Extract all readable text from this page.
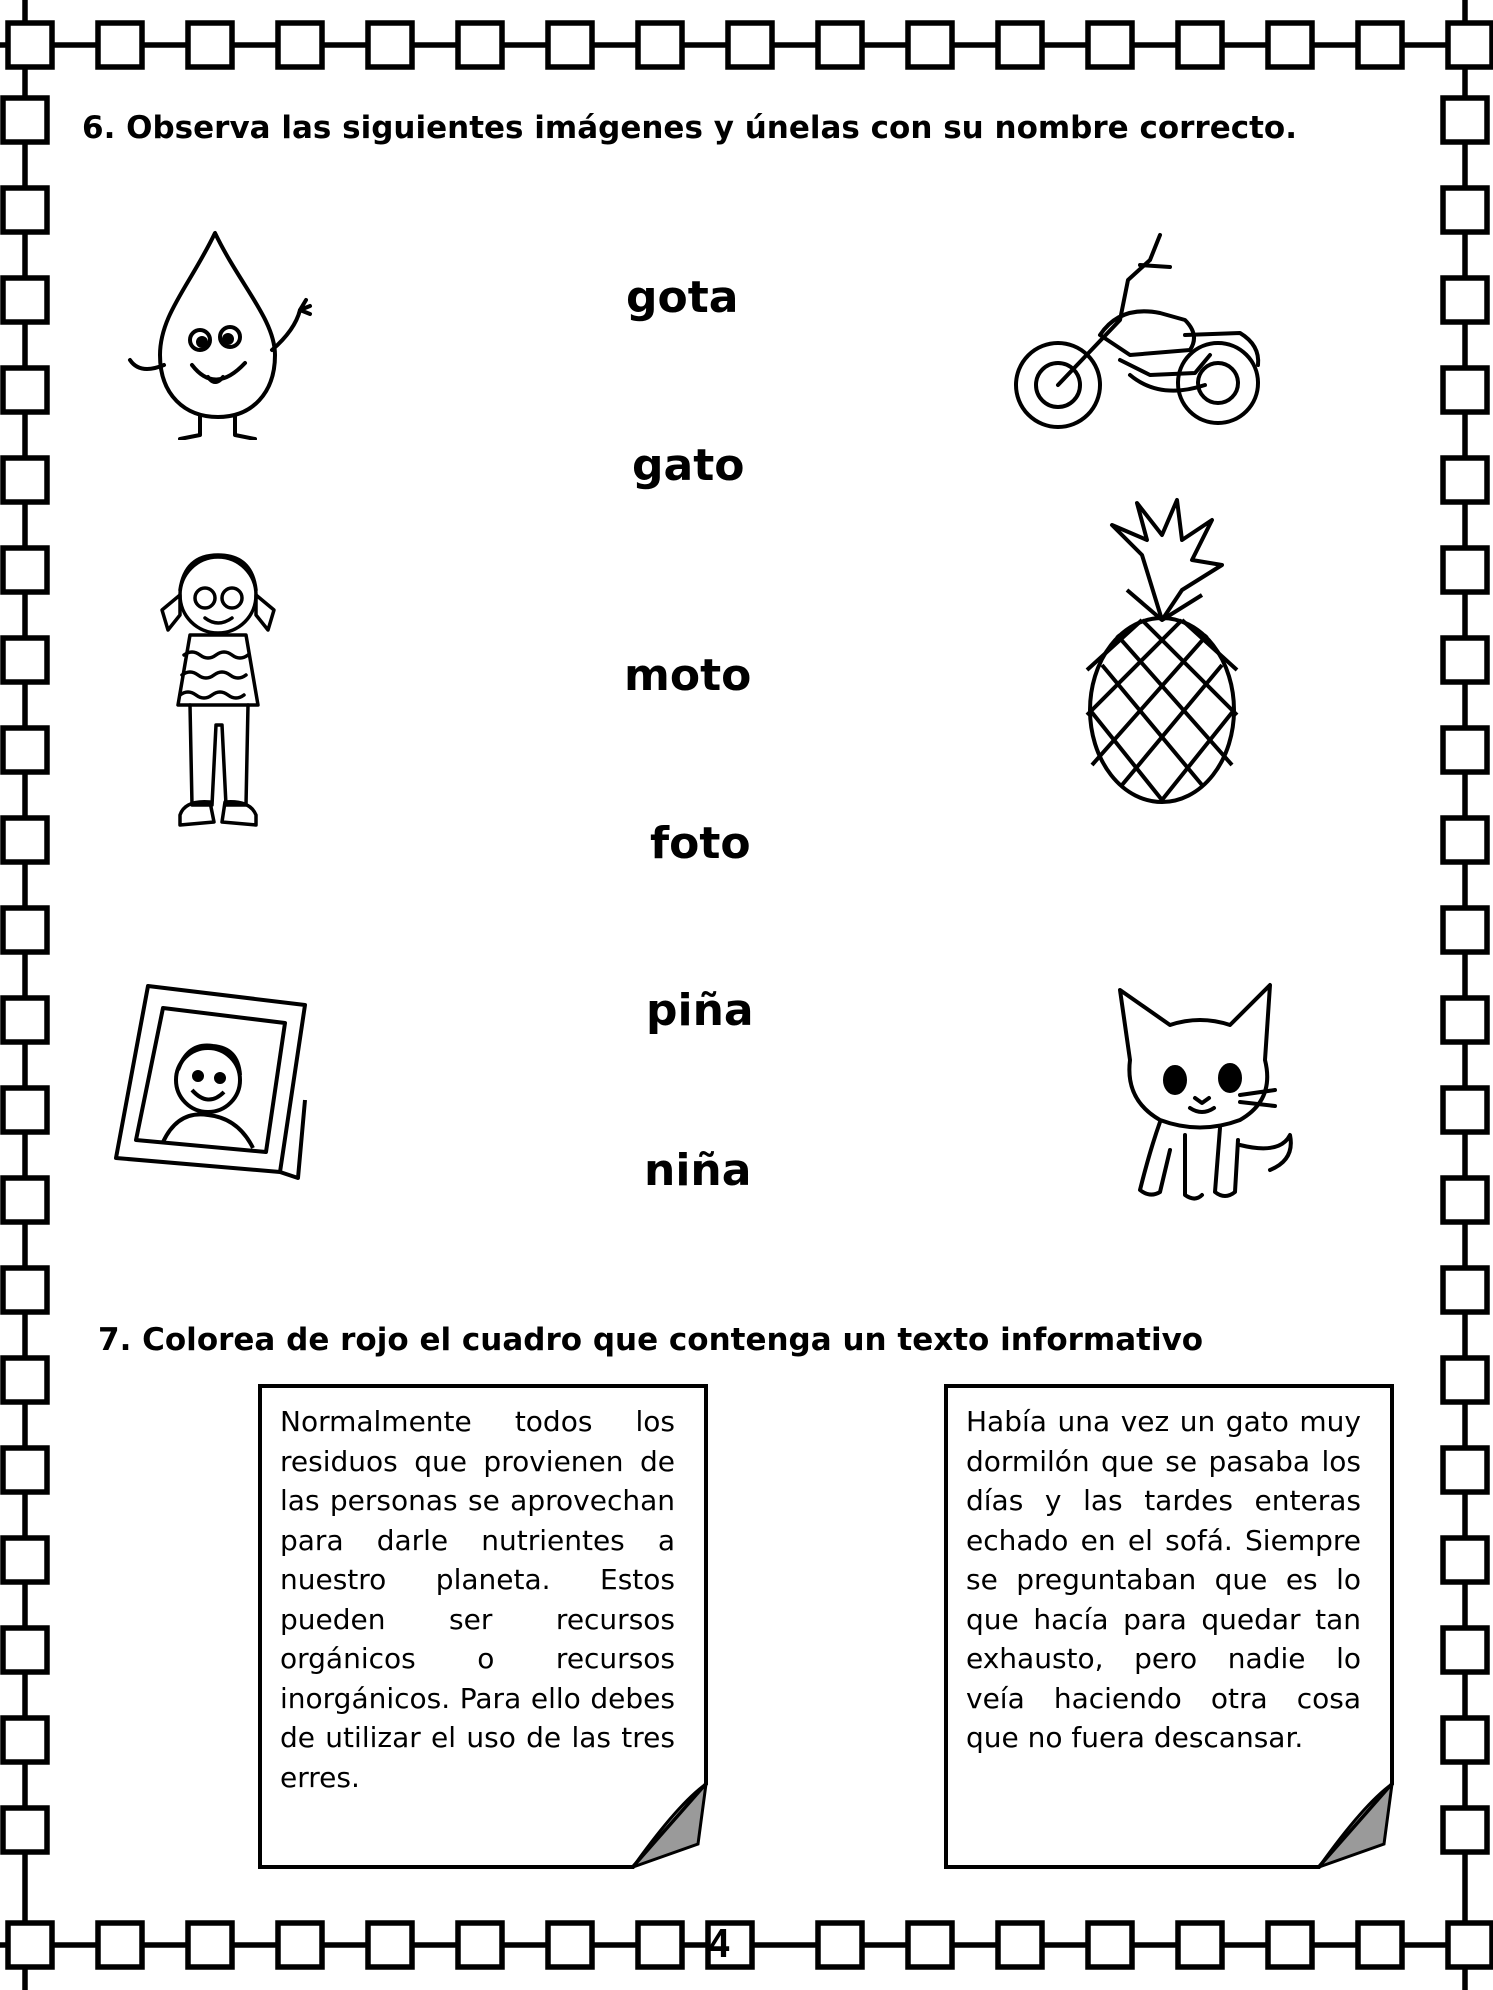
6. Observa las siguientes imágenes y únelas con su nombre correcto.
gota
gato
moto
foto
piña
niña
7. Colorea de rojo el cuadro que contenga un texto informativo
Normalmente todos los residuos que provienen de las personas se aprovechan para darle nutrientes a nuestro planeta. Estos pueden ser recursos orgánicos o recursos inorgánicos. Para ello debes de utilizar el uso de las tres erres.
Había una vez un gato muy dormilón que se pasaba los días y las tardes enteras echado en el sofá. Siempre se preguntaban que es lo que hacía para quedar tan exhausto, pero nadie lo veía haciendo otra cosa que no fuera descansar.
4
